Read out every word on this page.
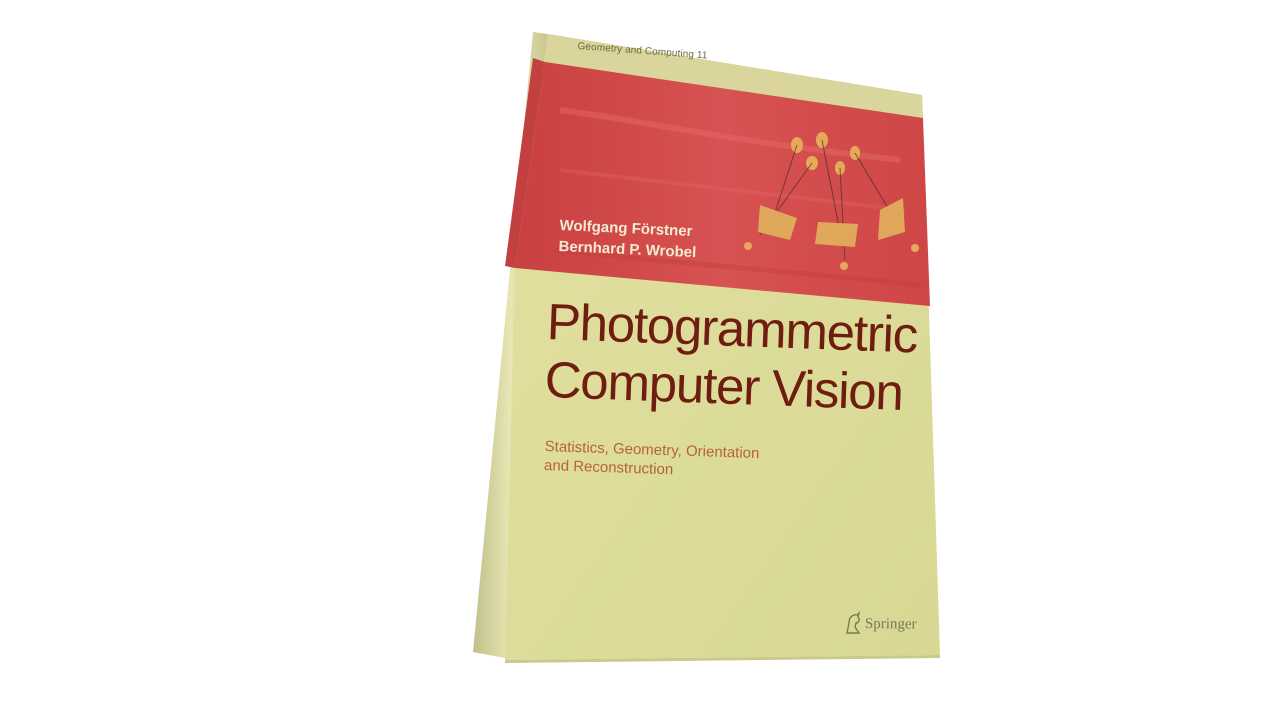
Geometry and Computing 11
Wolfgang Förstner
Bernhard P. Wrobel
Photogrammetric
Computer Vision
Statistics, Geometry, Orientation
and Reconstruction
Springer
